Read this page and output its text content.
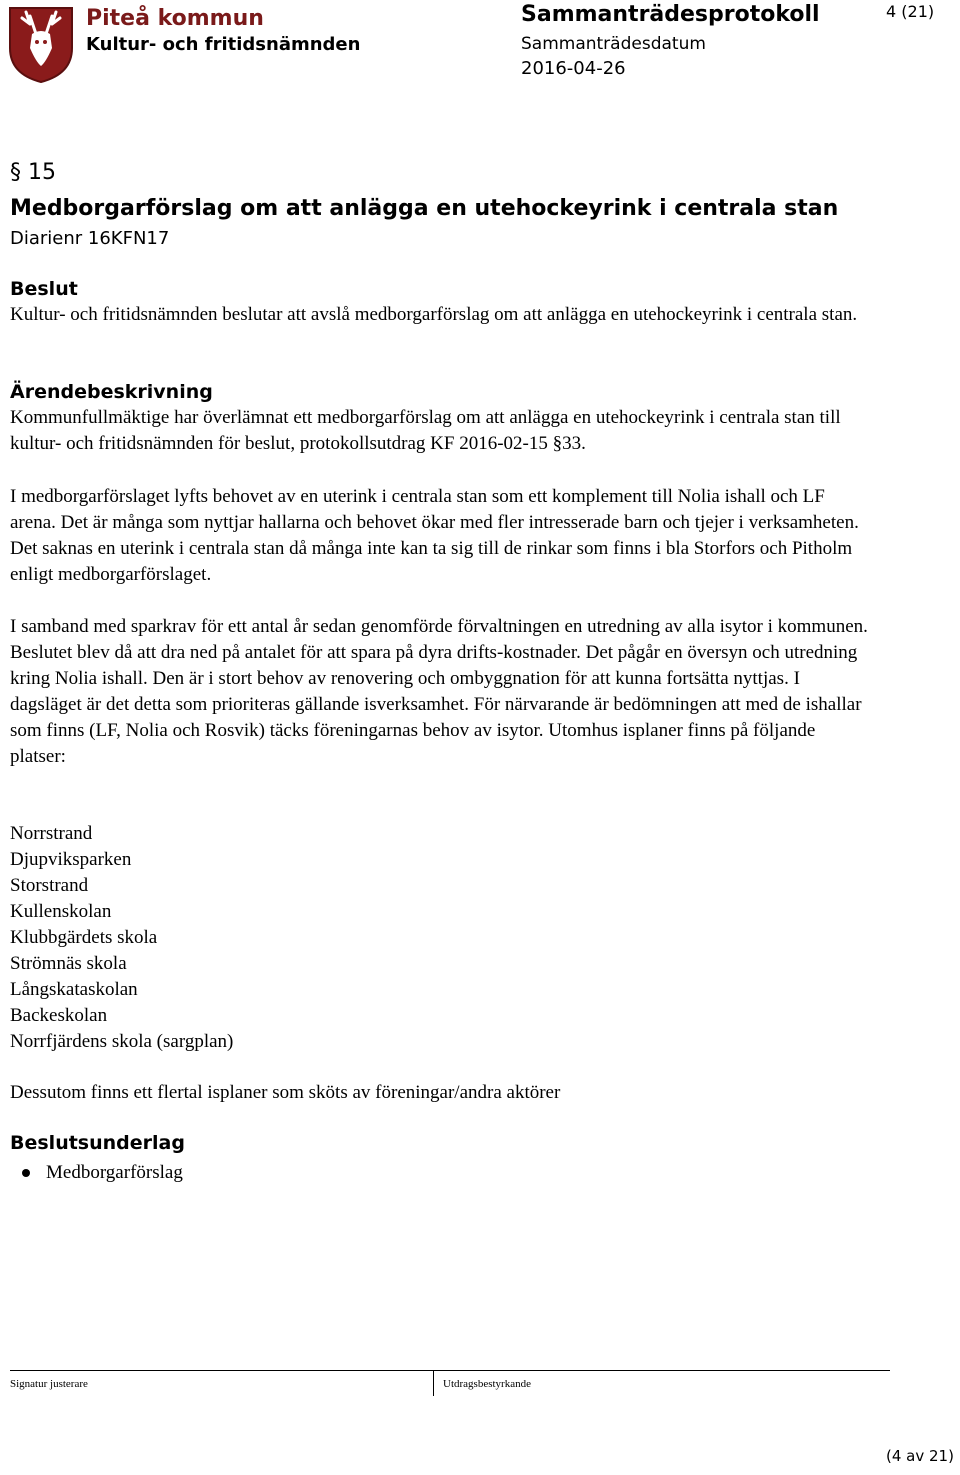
Piteå kommun
Kultur- och fritidsnämnden
Sammanträdesprotokoll
Sammanträdesdatum
2016-04-26
4 (21)
§ 15
Medborgarförslag om att anlägga en utehockeyrink i centrala stan
Diarienr 16KFN17
Beslut

Kultur- och fritidsnämnden beslutar att avslå medborgarförslag om att anlägga en utehockeyrink i centrala stan.

Ärendebeskrivning

Kommunfullmäktige har överlämnat ett medborgarförslag om att anlägga en utehockeyrink i centrala stan till kultur- och fritidsnämnden för beslut, protokollsutdrag KF 2016-02-15 §33.

I medborgarförslaget lyfts behovet av en uterink i centrala stan som ett komplement till Nolia ishall och LF arena. Det är många som nyttjar hallarna och behovet ökar med fler intresserade barn och tjejer i verksamheten. Det saknas en uterink i centrala stan då många inte kan ta sig till de rinkar som finns i bla Storfors och Pitholm enligt medborgarförslaget.

I samband med sparkrav för ett antal år sedan genomförde förvaltningen en utredning av alla isytor i kommunen. Beslutet blev då att dra ned på antalet för att spara på dyra drifts-kostnader. Det pågår en översyn och utredning kring Nolia ishall. Den är i stort behov av renovering och ombyggnation för att kunna fortsätta nyttjas. I dagsläget är det detta som prioriteras gällande isverksamhet. För närvarande är bedömningen att med de ishallar som finns (LF, Nolia och Rosvik) täcks föreningarnas behov av isytor. Utomhus isplaner finns på följande platser:

Norrstrand
Djupviksparken
Storstrand
Kullenskolan
Klubbgärdets skola
Strömnäs skola
Långskataskolan
Backeskolan
Norrfjärdens skola (sargplan)

Dessutom finns ett flertal isplaner som sköts av föreningar/andra aktörer

Beslutsunderlag
Medborgarförslag
Signatur justerare	Utdragsbestyrkande
(4 av 21)
